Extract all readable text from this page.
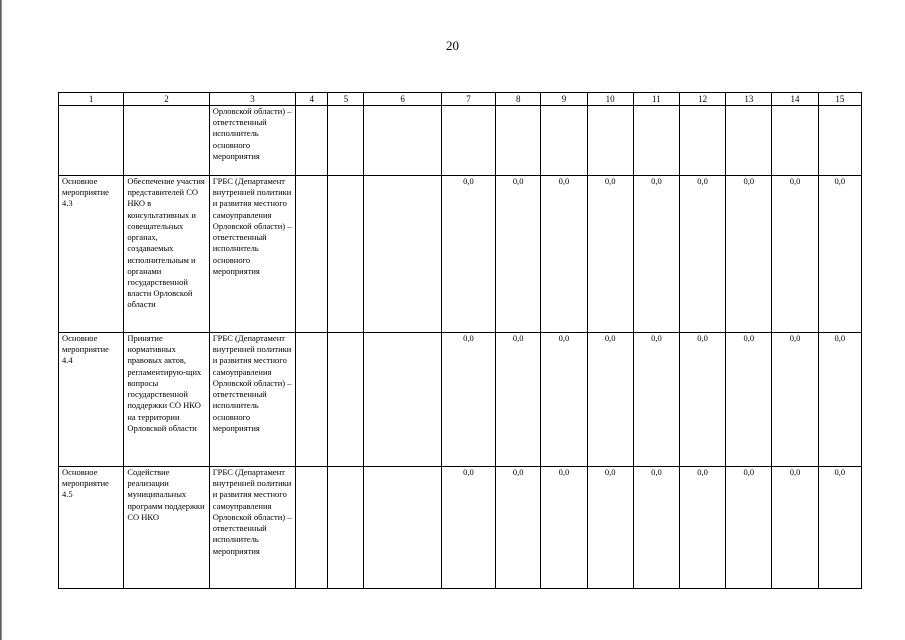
20
1	2	3	4	5	6	7	8	9	10	11	12	13	14	15
		Орловской области) – ответственный исполнитель основного мероприятия												
Основное мероприятие 4.3	Обеспечение участия представителей СО НКО в консультативных и совещательных органах, создаваемых исполнительным и органами государственной власти Орловской области	ГРБС (Департамент внутренней политики и развития местного самоуправления Орловской области) – ответственный исполнитель основного мероприятия				0,0	0,0	0,0	0,0	0,0	0,0	0,0	0,0	0,0
Основное мероприятие 4.4	Принятие нормативных правовых актов, регламентирую-щих вопросы государственной поддержки СО НКО на территории Орловской области	ГРБС (Департамент внутренней политики и развития местного самоуправления Орловской области) – ответственный исполнитель основного мероприятия				0,0	0,0	0,0	0,0	0,0	0,0	0,0	0,0	0,0
Основное мероприятие 4.5	Содействие реализации муниципальных программ поддержки СО НКО	ГРБС (Департамент внутренней политики и развития местного самоуправления Орловской области) – ответственный исполнитель мероприятия				0,0	0,0	0,0	0,0	0,0	0,0	0,0	0,0	0,0
